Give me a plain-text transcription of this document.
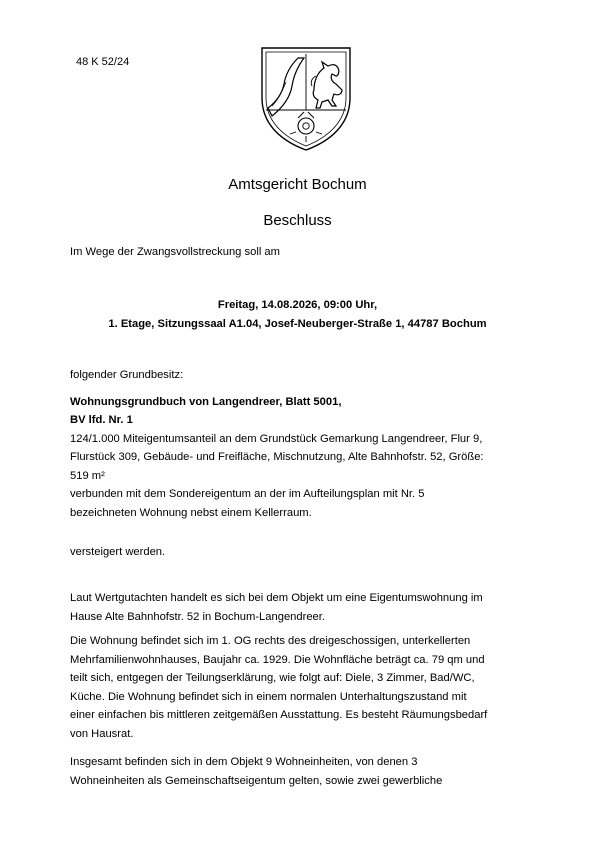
48 K 52/24
Amtsgericht Bochum
Beschluss
Im Wege der Zwangsvollstreckung soll am
Freitag, 14.08.2026, 09:00 Uhr,
1. Etage, Sitzungssaal A1.04, Josef-Neuberger-Straße 1, 44787 Bochum

folgender Grundbesitz:

Wohnungsgrundbuch von Langendreer, Blatt 5001,

BV lfd. Nr. 1

124/1.000 Miteigentumsanteil an dem Grundstück Gemarkung Langendreer, Flur 9,

Flurstück 309, Gebäude- und Freifläche, Mischnutzung, Alte Bahnhofstr. 52, Größe:

519 m²

verbunden mit dem Sondereigentum an der im Aufteilungsplan mit Nr. 5

bezeichneten Wohnung nebst einem Kellerraum.

versteigert werden.

Laut Wertgutachten handelt es sich bei dem Objekt um eine Eigentumswohnung im

Hause Alte Bahnhofstr. 52 in Bochum-Langendreer.

Die Wohnung befindet sich im 1. OG rechts des dreigeschossigen, unterkellerten

Mehrfamilienwohnhauses, Baujahr ca. 1929. Die Wohnfläche beträgt ca. 79 qm und

teilt sich, entgegen der Teilungserklärung, wie folgt auf: Diele, 3 Zimmer, Bad/WC,

Küche. Die Wohnung befindet sich in einem normalen Unterhaltungszustand mit

einer einfachen bis mittleren zeitgemäßen Ausstattung. Es besteht Räumungsbedarf

von Hausrat.

Insgesamt befinden sich in dem Objekt 9 Wohneinheiten, von denen 3

Wohneinheiten als Gemeinschaftseigentum gelten, sowie zwei gewerbliche
